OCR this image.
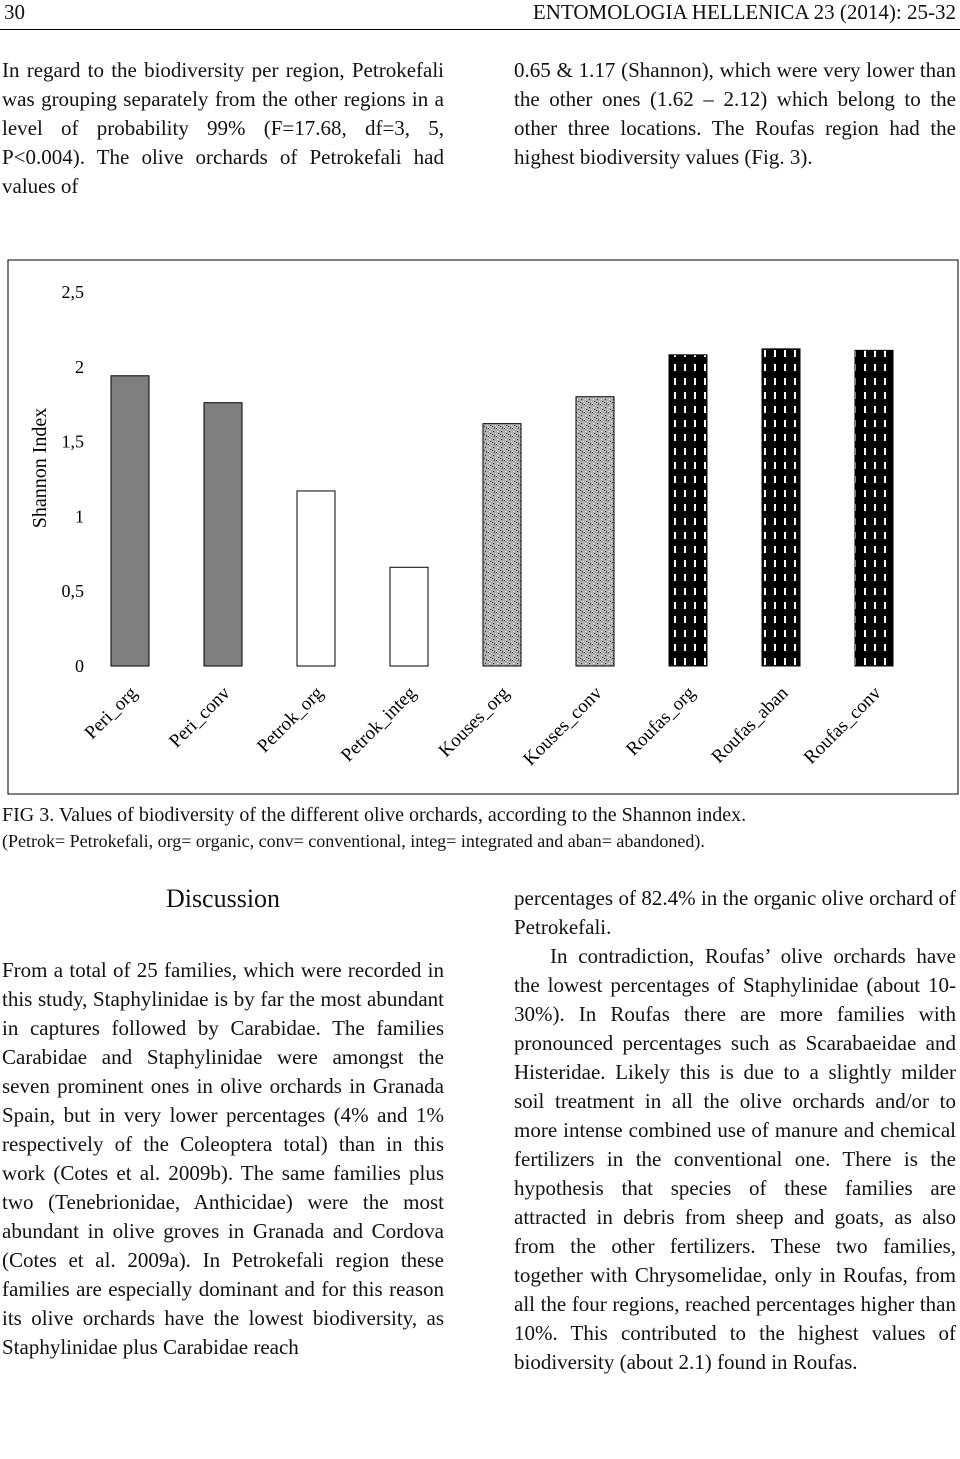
30	ENTOMOLOGIA HELLENICA 23 (2014): 25-32

In regard to the biodiversity per region, Petrokefali was grouping separately from the other regions in a level of probability 99% (F=17.68, df=3, 5, P<0.004). The olive orchards of Petrokefali had values of

0.65 & 1.17 (Shannon), which were very lower than the other ones (1.62 – 2.12) which belong to the other three locations. The Roufas region had the highest biodiversity values (Fig. 3).

0
0,5
1
1,5
2
2,5
Peri_org Peri_conv Petrok_org Petrok_integ Kouses_org Kouses_conv Roufas_org Roufas_aban Roufas_conv
Shannon Index
FIG 3. Values of biodiversity of the different olive orchards, according to the Shannon index.
(Petrok= Petrokefali, org= organic, conv= conventional, integ= integrated and aban= abandoned).
Discussion

From a total of 25 families, which were recorded in this study, Staphylinidae is by far the most abundant in captures followed by Carabidae. The families Carabidae and Staphylinidae were amongst the seven prominent ones in olive orchards in Granada Spain, but in very lower percentages (4% and 1% respectively of the Coleoptera total) than in this work (Cotes et al. 2009b). The same families plus two (Tenebrionidae, Anthicidae) were the most abundant in olive groves in Granada and Cordova (Cotes et al. 2009a). In Petrokefali region these families are especially dominant and for this reason its olive orchards have the lowest biodiversity, as Staphylinidae plus Carabidae reach

percentages of 82.4% in the organic olive orchard of Petrokefali.

In contradiction, Roufas’ olive orchards have the lowest percentages of Staphylinidae (about 10-30%). In Roufas there are more families with pronounced percentages such as Scarabaeidae and Histeridae. Likely this is due to a slightly milder soil treatment in all the olive orchards and/or to more intense combined use of manure and chemical fertilizers in the conventional one. There is the hypothesis that species of these families are attracted in debris from sheep and goats, as also from the other fertilizers. These two families, together with Chrysomelidae, only in Roufas, from all the four regions, reached percentages higher than 10%. This contributed to the highest values of biodiversity (about 2.1) found in Roufas.
